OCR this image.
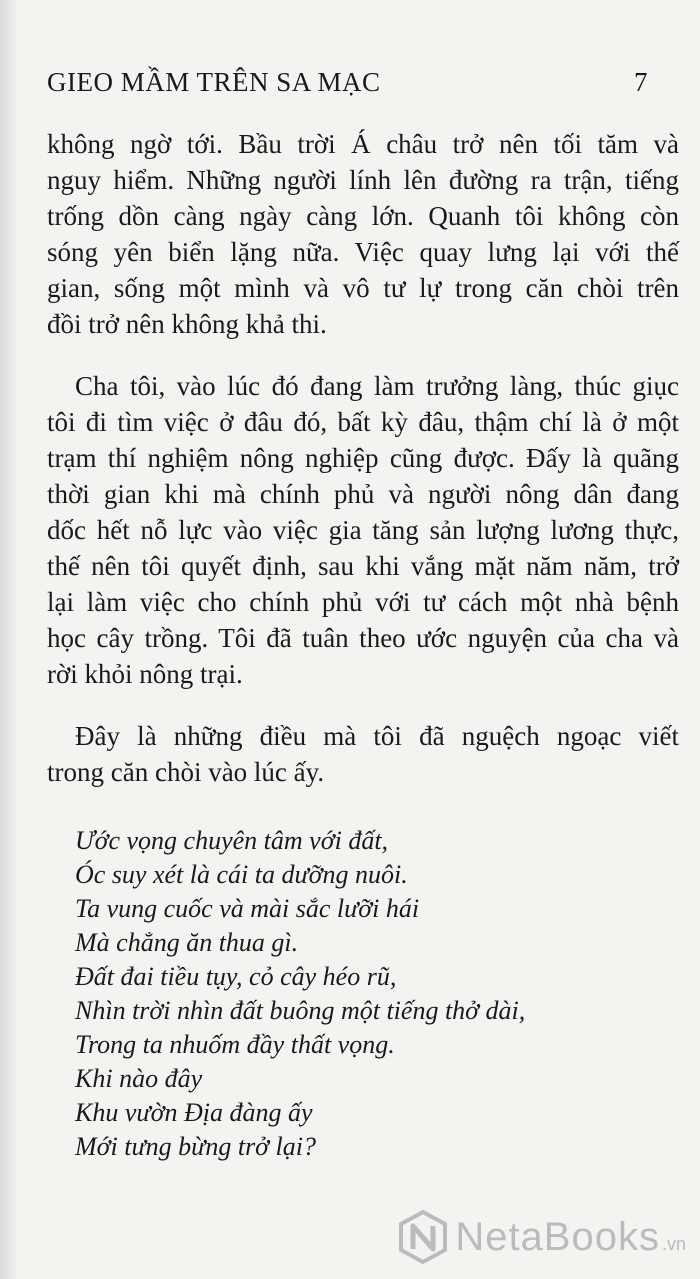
GIEO MẦM TRÊN SA MẠC	7

không ngờ tới. Bầu trời Á châu trở nên tối tăm và
nguy hiểm. Những người lính lên đường ra trận, tiếng
trống dồn càng ngày càng lớn. Quanh tôi không còn
sóng yên biển lặng nữa. Việc quay lưng lại với thế
gian, sống một mình và vô tư lự trong căn chòi trên
đồi trở nên không khả thi.

Cha tôi, vào lúc đó đang làm trưởng làng, thúc giục
tôi đi tìm việc ở đâu đó, bất kỳ đâu, thậm chí là ở một
trạm thí nghiệm nông nghiệp cũng được. Đấy là quãng
thời gian khi mà chính phủ và người nông dân đang
dốc hết nỗ lực vào việc gia tăng sản lượng lương thực,
thế nên tôi quyết định, sau khi vắng mặt năm năm, trở
lại làm việc cho chính phủ với tư cách một nhà bệnh
học cây trồng. Tôi đã tuân theo ước nguyện của cha và
rời khỏi nông trại.

Đây là những điều mà tôi đã nguệch ngoạc viết
trong căn chòi vào lúc ấy.

Ước vọng chuyên tâm với đất,
Óc suy xét là cái ta dưỡng nuôi.
Ta vung cuốc và mài sắc lưỡi hái
Mà chẳng ăn thua gì.
Đất đai tiều tụy, cỏ cây héo rũ,
Nhìn trời nhìn đất buông một tiếng thở dài,
Trong ta nhuốm đầy thất vọng.
Khi nào đây
Khu vườn Địa đàng ấy
Mới tưng bừng trở lại?
NetaBooks .vn
